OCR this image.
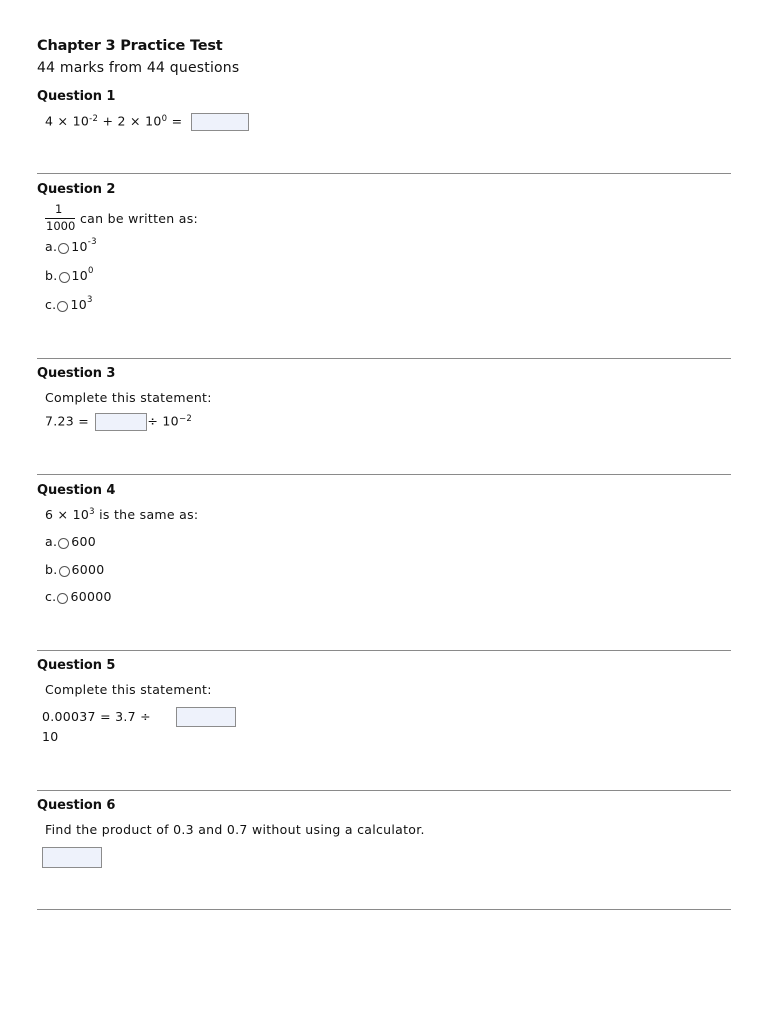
Chapter 3 Practice Test
44 marks from 44 questions
Question 1
$4 \times 10^{-2} + 2 \times 10^0$ =
Question 2
1
1000 can be written as:
a. $10^{-3}$
b. $10^0$
c. $10^3$
Question 3
Complete this statement:
7.23 =	÷ $10^{-2}$
Question 4
$6 \times 10^3$ is the same as:
a. 600
b. 6000
c. 60000
Question 5
Complete this statement:
0.00037 = 3.7 ÷
10
Question 6
Find the product of 0.3 and 0.7 without using a calculator.
